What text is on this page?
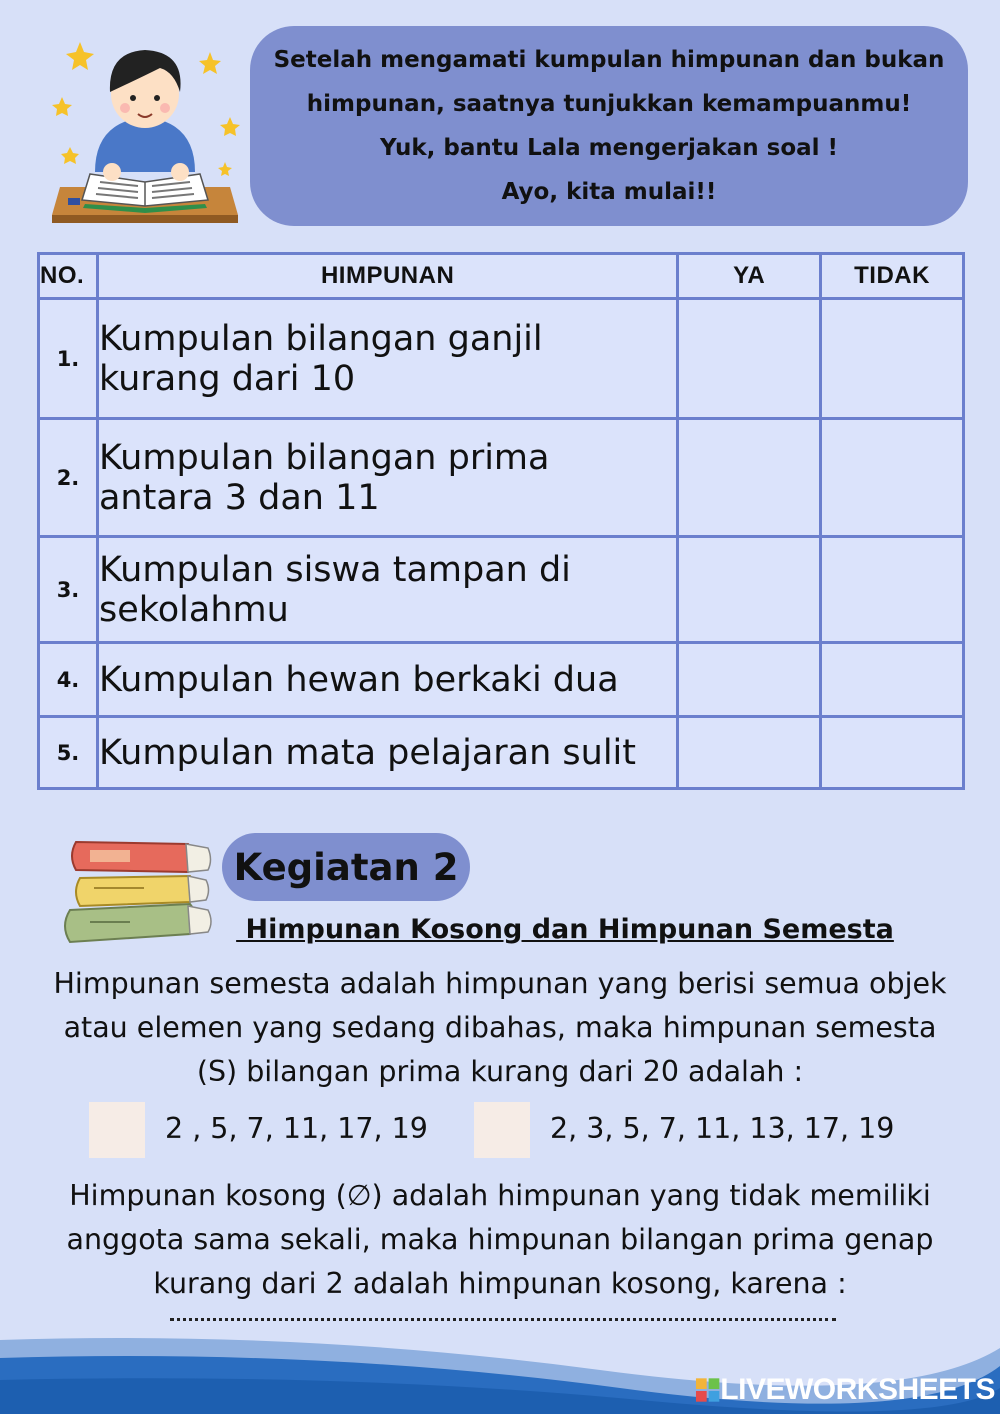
Setelah mengamati kumpulan himpunan dan bukan
himpunan, saatnya tunjukkan kemampuanmu!
Yuk, bantu Lala mengerjakan soal !
Ayo, kita mulai!!
NO.	HIMPUNAN	YA	TIDAK
1.	Kumpulan bilangan ganjil
kurang dari 10		

2.	Kumpulan bilangan prima
antara 3 dan 11		

3.	Kumpulan siswa tampan di
sekolahmu		

4.	Kumpulan hewan berkaki dua		

5.	Kumpulan mata pelajaran sulit		

Kegiatan 2
Himpunan Kosong dan Himpunan Semesta
Himpunan semesta adalah himpunan yang berisi semua objek
atau elemen yang sedang dibahas, maka himpunan semesta
(S) bilangan prima kurang dari 20 adalah :
2 , 5, 7, 11, 17, 19	2, 3, 5, 7, 11, 13, 17, 19
Himpunan kosong (∅) adalah himpunan yang tidak memiliki
anggota sama sekali, maka himpunan bilangan prima genap
kurang dari 2 adalah himpunan kosong, karena :
LIVEWORKSHEETS
